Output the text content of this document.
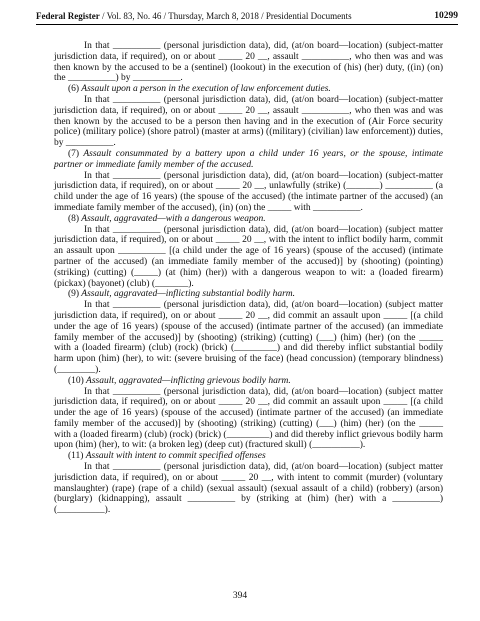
Federal Register / Vol. 83, No. 46 / Thursday, March 8, 2018 / Presidential Documents	10299

In that __________ (personal jurisdiction data), did, (at/on board—location) (subject-matter jurisdiction data, if required), on or about _____ 20 __, assault __________, who then was and was then known by the accused to be a (sentinel) (lookout) in the execution of (his) (her) duty, ((in) (on) the __________) by __________.

(6) Assault upon a person in the execution of law enforcement duties.

In that __________ (personal jurisdiction data), did, (at/on board—location) (subject-matter jurisdiction data, if required), on or about _____ 20 __, assault __________, who then was and was then known by the accused to be a person then having and in the execution of (Air Force security police) (military police) (shore patrol) (master at arms) ((military) (civilian) law enforcement)) duties, by __________.

(7) Assault consummated by a battery upon a child under 16 years, or the spouse, intimate partner or immediate family member of the accused.

In that __________ (personal jurisdiction data), did, (at/on board—location) (subject-matter jurisdiction data, if required), on or about _____ 20 __, unlawfully (strike) (_______) __________ (a child under the age of 16 years) (the spouse of the accused) (the intimate partner of the accused) (an immediate family member of the accused), (in) (on) the _____ with __________.

(8) Assault, aggravated—with a dangerous weapon.

In that __________ (personal jurisdiction data), did, (at/on board—location) (subject matter jurisdiction data, if required), on or about _____ 20 __, with the intent to inflict bodily harm, commit an assault upon __________ [(a child under the age of 16 years) (spouse of the accused) (intimate partner of the accused) (an immediate family member of the accused)] by (shooting) (pointing) (striking) (cutting) (_____) (at (him) (her)) with a dangerous weapon to wit: a (loaded firearm) (pickax) (bayonet) (club) (_______).

(9) Assault, aggravated—inflicting substantial bodily harm.

In that __________ (personal jurisdiction data), did, (at/on board—location) (subject matter jurisdiction data, if required), on or about _____ 20 __, did commit an assault upon _____ [(a child under the age of 16 years) (spouse of the accused) (intimate partner of the accused) (an immediate family member of the accused)] by (shooting) (striking) (cutting) (___) (him) (her) (on the _____ with a (loaded firearm) (club) (rock) (brick) (_________) and did thereby inflict substantial bodily harm upon (him) (her), to wit: (severe bruising of the face) (head concussion) (temporary blindness) (________).

(10) Assault, aggravated—inflicting grievous bodily harm.

In that __________ (personal jurisdiction data), did, (at/on board—location) (subject matter jurisdiction data, if required), on or about _____ 20 __, did commit an assault upon _____ [(a child under the age of 16 years) (spouse of the accused) (intimate partner of the accused) (an immediate family member of the accused)] by (shooting) (striking) (cutting) (___) (him) (her) (on the _____ with a (loaded firearm) (club) (rock) (brick) (_________) and did thereby inflict grievous bodily harm upon (him) (her), to wit: (a broken leg) (deep cut) (fractured skull) (__________).

(11) Assault with intent to commit specified offenses

In that __________ (personal jurisdiction data), did, (at/on board—location) (subject matter jurisdiction data, if required), on or about _____ 20 __, with intent to commit (murder) (voluntary manslaughter) (rape) (rape of a child) (sexual assault) (sexual assault of a child) (robbery) (arson) (burglary) (kidnapping), assault __________ by (striking at (him) (her) with a __________) (__________).

394
